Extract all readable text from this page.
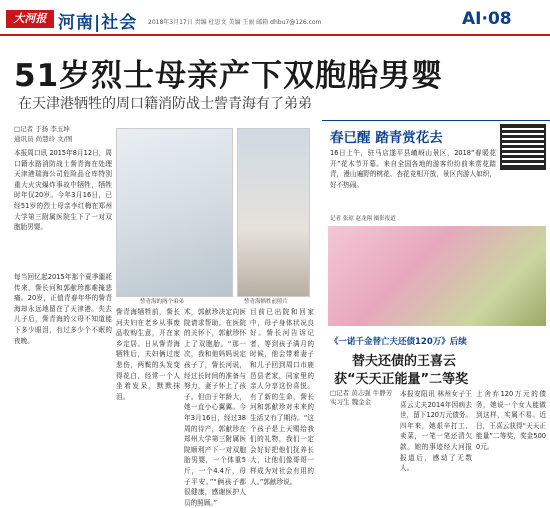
大河报 河南|社会 2018年3月17日 责编 杜思文 美编 王丽 邮箱 dhbu7@126.com	AI·08
51岁烈士母亲产下双胞胎男婴
在天津港牺牲的周口籍消防战士訾青海有了弟弟
□记者 于扬 李玉坤
通讯员 尚慧玲 文/图
本报周口讯 2015年8月12日，周口籍水路消防战士訾青海在处理天津港瑞海公司危险品仓库特别重大火灾爆炸事故中牺牲，牺牲时年仅20岁。今年3月16日，已经51岁的烈士母亲李红梅在郑州大学第三附属医院生下了一对双胞胎男婴。
每当回忆起2015年那个夏季噩耗传来，訾长河和郭献珍都难掩悲痛。20岁，正值青春年华的訾青海却永远地留在了天津港。失去儿子后，訾青海的父母不知道能下多少眼泪，有过多少个不眠的夜晚。
訾青海的两个弟弟	訾青海牺牲前照片
訾青海牺牲前，訾长河夫妇在老乡从事废品收购生意，开在家乡定居。日从訾青海牺牲后，夫妇俩过度悲伤，两鬓的头发变得花白，经常一个人坐着发呆，默默抹泪。
术，郭献珍决定向医院请求帮助。在医院的关怀下，郭献珍怀上了双胞胎。“那一次，我和他妈妈说定孩子了，訾长河说，经过长时间的准备与努力，妻子怀上了孩子。但由于年龄大，她一直小心翼翼。今年3月16日，经过38周的待产，郭献珍在郑州大学第三附属医院顺利产下一对双胞胎男婴，一个体重5斤，一个4.4斤，母子平安。”“俩孩子都很健康，感谢医护人员的照顾。”
目前已出院和回家中，母子身体状况良好。訾长河告诉记者，等到孩子满月的时候，他会带着妻子和儿子回到周口市鹿邑县老家，同家里的亲人分享这份喜悦。有了新的生命，訾长河和郭献珍对未来的生活又有了期待。“这个孩子是上天赐给我们的礼物，我们一定会好好把他们抚养长大，让他们像哥哥一样成为对社会有用的人。”郭献珍说。
春已醒 踏青赏花去
16日上午，驻马店遂平县嵖岈山景区，2018“春暖花开”花木节开幕。来自全国各地的游客纷纷前来赏花踏青，漫山遍野的桃花、杏花竞相开放，景区内游人如织，好不热闹。
记者 张琼 赵龙翔 摄影报道
《一诺千金替亡夫还债120万》后续
替夫还债的王喜云
获“天天正能量”二等奖
□记者 黄志强 牛静芳 实习生 魏金金
本报安阳讯 林州女子王喜云丈夫2014年因病去世，留下120万元债务。四年来，她艰辛打工、卖菜，一笔一笔还清欠款。她的事迹经大河报报道后，感动了无数人。
上舍弃120万元的债务，她说一个女人能做到这样，实属不易。近日，王喜云获得“天天正能量”二等奖，奖金5000元。
